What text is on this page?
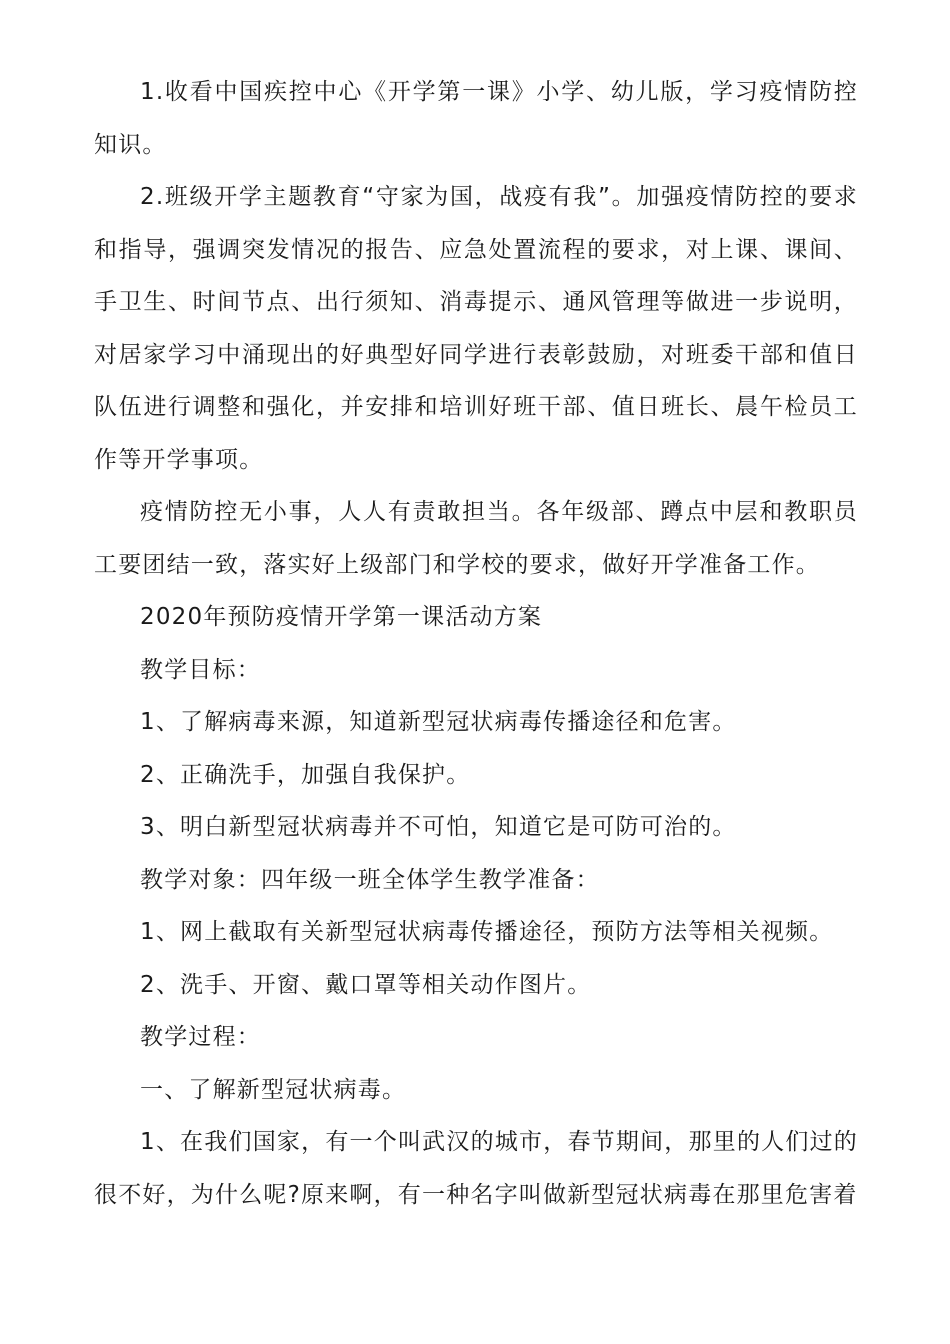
1.收看中国疾控中心《开学第一课》小学、幼儿版，学习疫情防控知识。

2.班级开学主题教育“守家为国，战疫有我”。加强疫情防控的要求和指导，强调突发情况的报告、应急处置流程的要求，对上课、课间、手卫生、时间节点、出行须知、消毒提示、通风管理等做进一步说明，对居家学习中涌现出的好典型好同学进行表彰鼓励，对班委干部和值日队伍进行调整和强化，并安排和培训好班干部、值日班长、晨午检员工作等开学事项。

疫情防控无小事，人人有责敢担当。各年级部、蹲点中层和教职员工要团结一致，落实好上级部门和学校的要求，做好开学准备工作。

2020年预防疫情开学第一课活动方案

教学目标：

1、了解病毒来源，知道新型冠状病毒传播途径和危害。

2、正确洗手，加强自我保护。

3、明白新型冠状病毒并不可怕，知道它是可防可治的。

教学对象：四年级一班全体学生教学准备：

1、网上截取有关新型冠状病毒传播途径，预防方法等相关视频。

2、洗手、开窗、戴口罩等相关动作图片。

教学过程：

一、了解新型冠状病毒。

1、在我们国家，有一个叫武汉的城市，春节期间，那里的人们过的很不好，为什么呢?原来啊，有一种名字叫做新型冠状病毒在那里危害着
